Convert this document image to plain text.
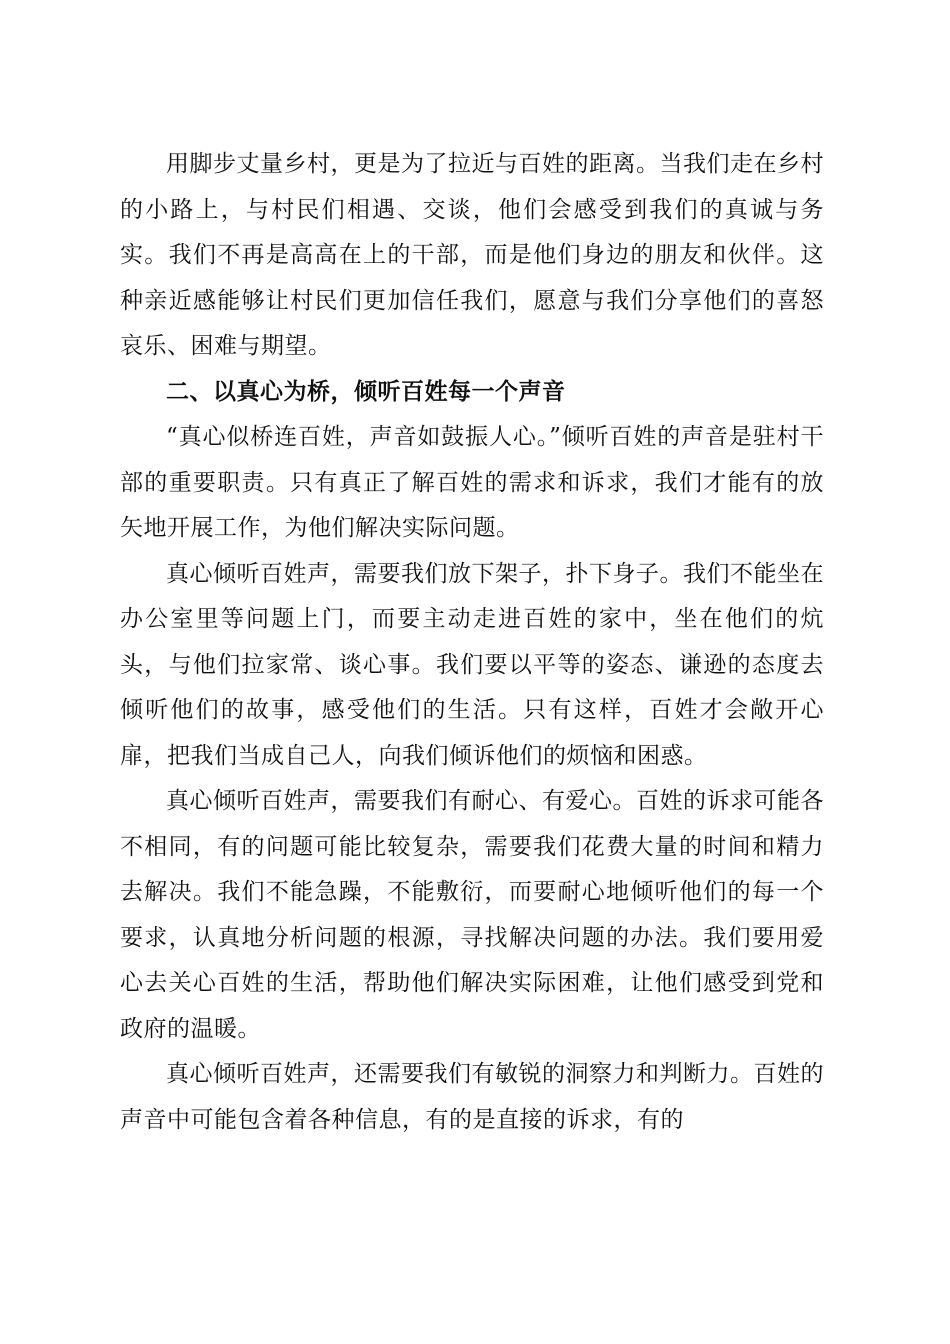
用脚步丈量乡村，更是为了拉近与百姓的距离。当我们走在乡村的小路上，与村民们相遇、交谈，他们会感受到我们的真诚与务实。我们不再是高高在上的干部，而是他们身边的朋友和伙伴。这种亲近感能够让村民们更加信任我们，愿意与我们分享他们的喜怒哀乐、困难与期望。

二、以真心为桥，倾听百姓每一个声音

“真心似桥连百姓，声音如鼓振人心。”倾听百姓的声音是驻村干部的重要职责。只有真正了解百姓的需求和诉求，我们才能有的放矢地开展工作，为他们解决实际问题。

真心倾听百姓声，需要我们放下架子，扑下身子。我们不能坐在办公室里等问题上门，而要主动走进百姓的家中，坐在他们的炕头，与他们拉家常、谈心事。我们要以平等的姿态、谦逊的态度去倾听他们的故事，感受他们的生活。只有这样，百姓才会敞开心扉，把我们当成自己人，向我们倾诉他们的烦恼和困惑。

真心倾听百姓声，需要我们有耐心、有爱心。百姓的诉求可能各不相同，有的问题可能比较复杂，需要我们花费大量的时间和精力去解决。我们不能急躁，不能敷衍，而要耐心地倾听他们的每一个要求，认真地分析问题的根源，寻找解决问题的办法。我们要用爱心去关心百姓的生活，帮助他们解决实际困难，让他们感受到党和政府的温暖。

真心倾听百姓声，还需要我们有敏锐的洞察力和判断力。百姓的声音中可能包含着各种信息，有的是直接的诉求，有的
